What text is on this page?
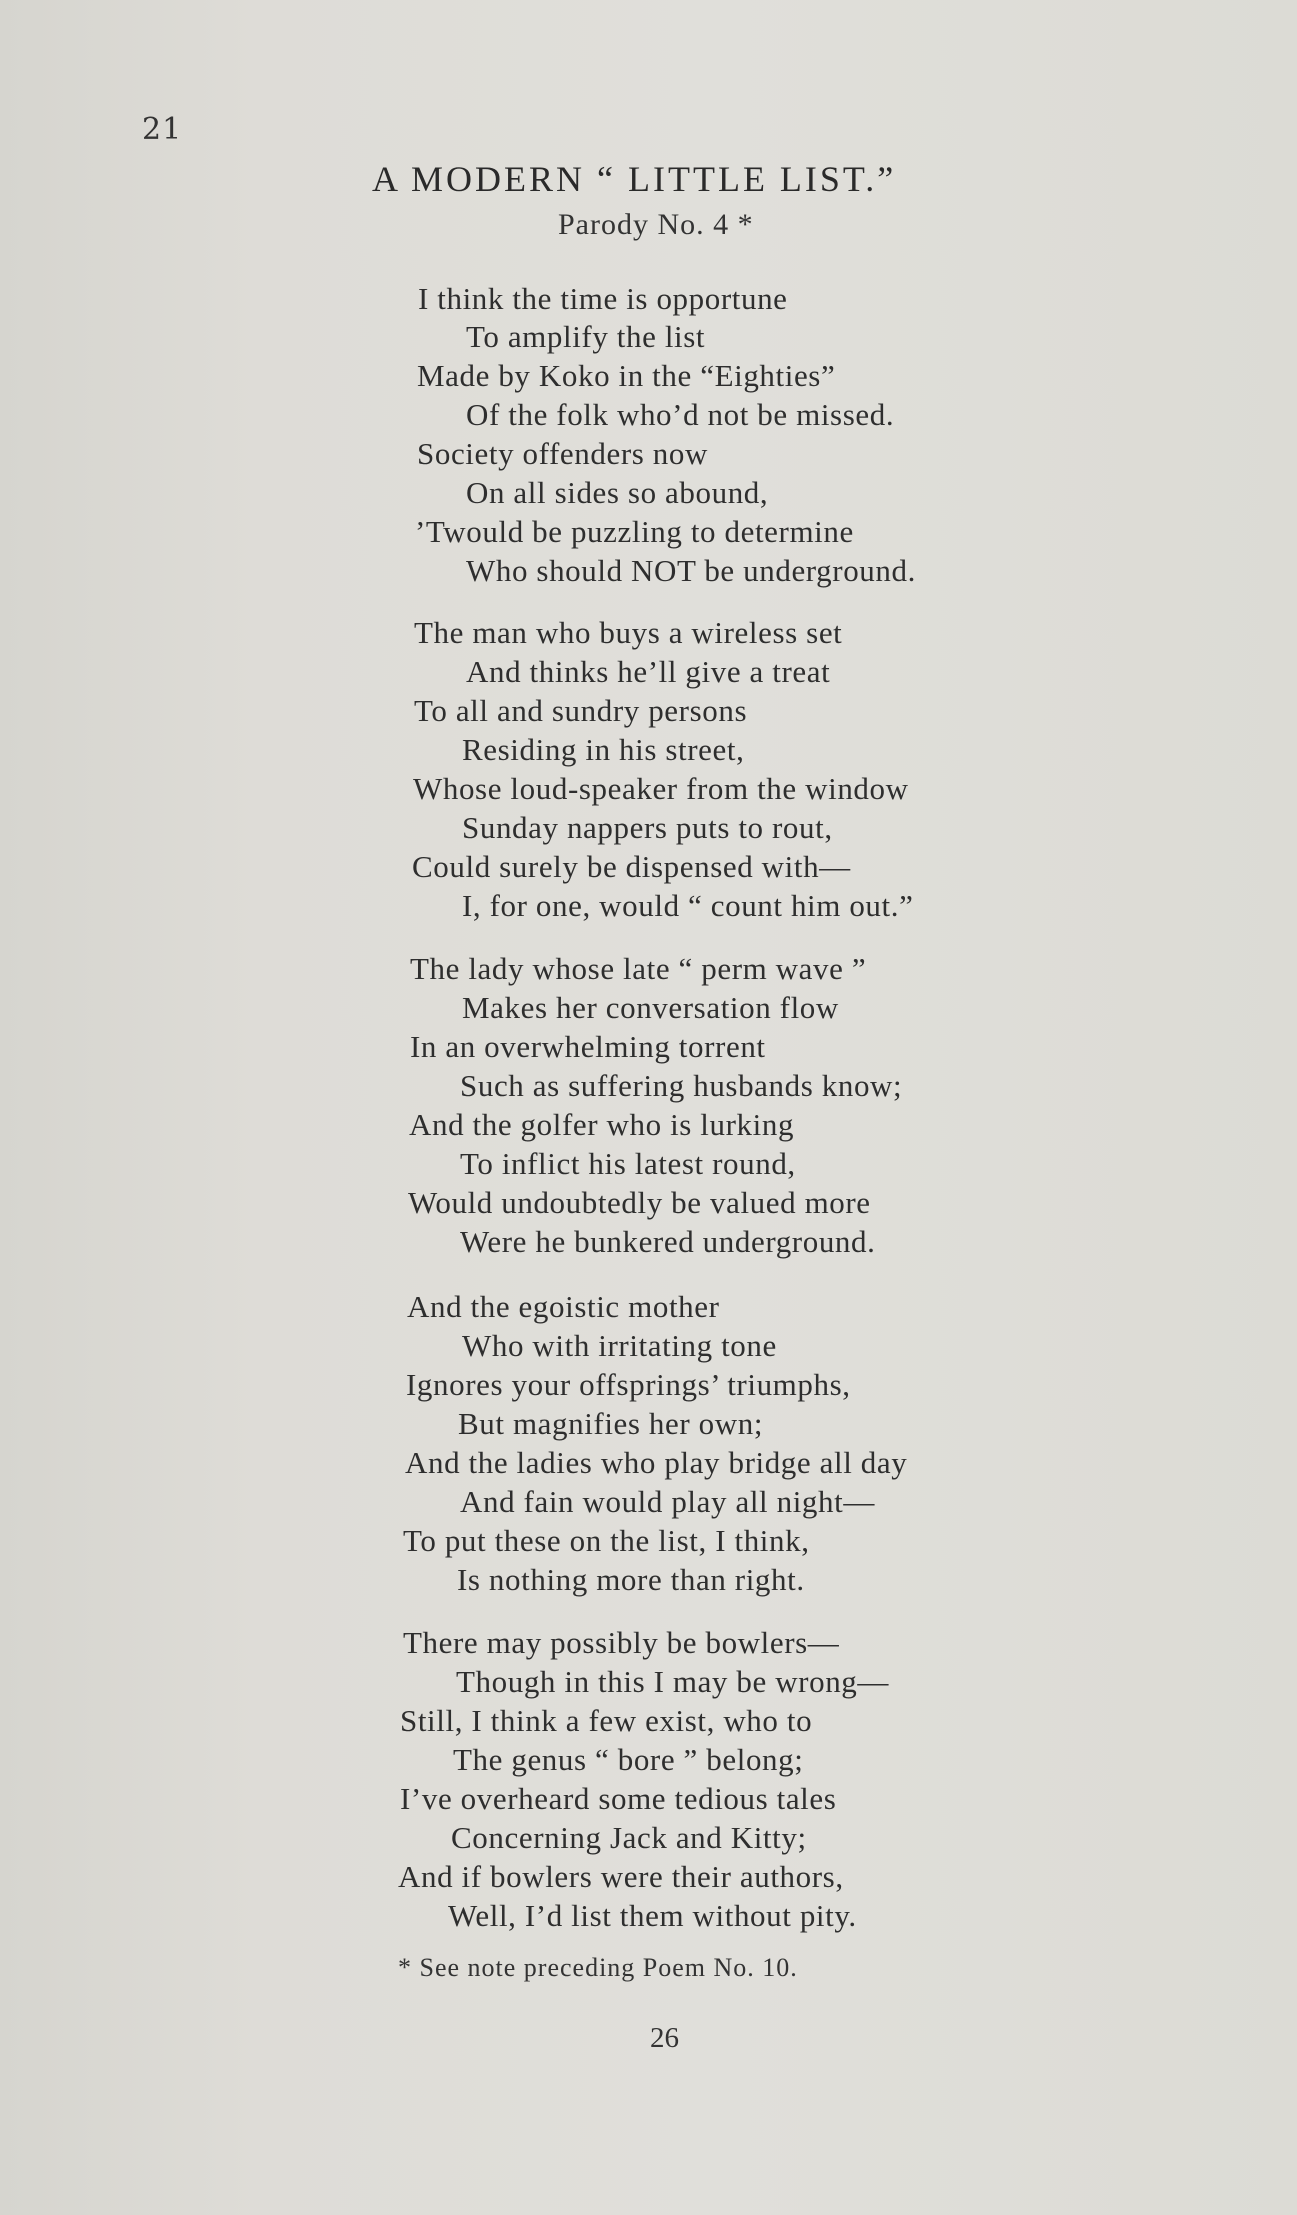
21
A MODERN “ LITTLE LIST.”
Parody No. 4 *
I think the time is opportune
To amplify the list
Made by Koko in the “Eighties”
Of the folk who’d not be missed.
Society offenders now
On all sides so abound,
’Twould be puzzling to determine
Who should NOT be underground.
The man who buys a wireless set
And thinks he’ll give a treat
To all and sundry persons
Residing in his street,
Whose loud-speaker from the window
Sunday nappers puts to rout,
Could surely be dispensed with—
I, for one, would “ count him out.”
The lady whose late “ perm wave ”
Makes her conversation flow
In an overwhelming torrent
Such as suffering husbands know;
And the golfer who is lurking
To inflict his latest round,
Would undoubtedly be valued more
Were he bunkered underground.
And the egoistic mother
Who with irritating tone
Ignores your offsprings’ triumphs,
But magnifies her own;
And the ladies who play bridge all day
And fain would play all night—
To put these on the list, I think,
Is nothing more than right.
There may possibly be bowlers—
Though in this I may be wrong—
Still, I think a few exist, who to
The genus “ bore ” belong;
I’ve overheard some tedious tales
Concerning Jack and Kitty;
And if bowlers were their authors,
Well, I’d list them without pity.
* See note preceding Poem No. 10.
26
